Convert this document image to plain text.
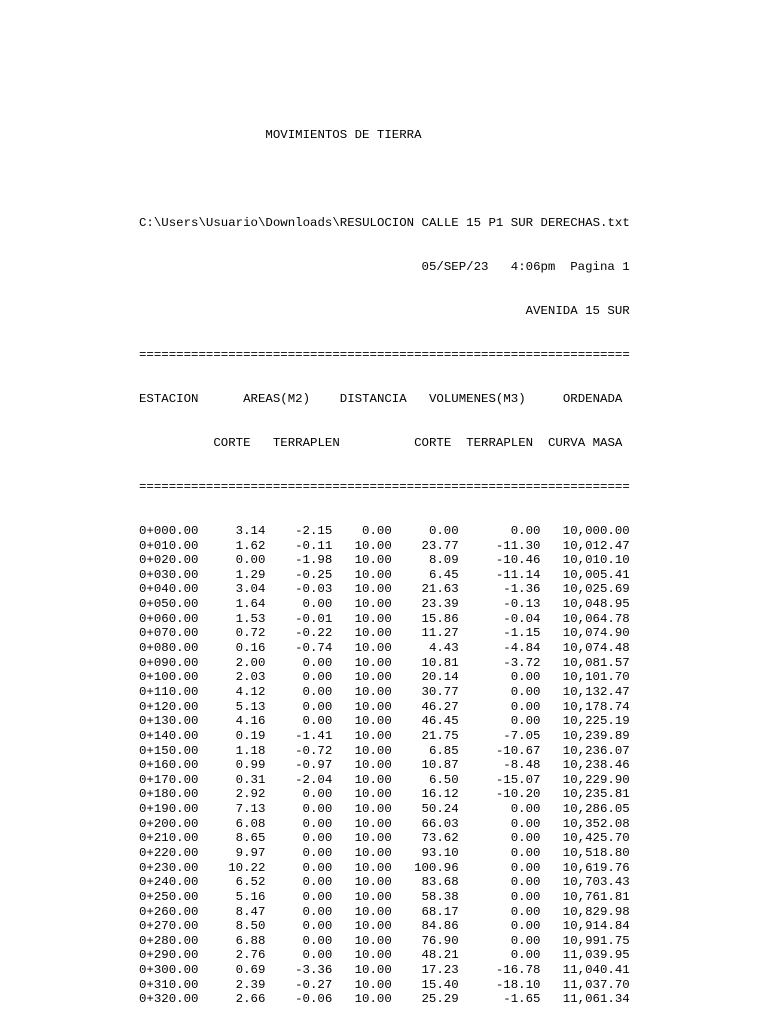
MOVIMIENTOS DE TIERRA

C:\Users\Usuario\Downloads\RESULOCION CALLE 15 P1 SUR DERECHAS.txt

05/SEP/23   4:06pm  Pagina 1

AVENIDA 15 SUR

==================================================================

ESTACION      AREAS(M2)    DISTANCIA   VOLUMENES(M3)     ORDENADA

CORTE   TERRAPLEN          CORTE  TERRAPLEN  CURVA MASA

==================================================================

0+000.00	3.14 -2.15 0.00	0.00	0.00 10,000.00
0+010.00	1.62 -0.11 10.00 23.77	-11.30 10,012.47
0+020.00	0.00 -1.98 10.00	8.09	-10.46 10,010.10
0+030.00	1.29 -0.25 10.00	6.45	-11.14 10,005.41
0+040.00	3.04 -0.03 10.00 21.63	-1.36 10,025.69
0+050.00	1.64	0.00 10.00 23.39	-0.13 10,048.95
0+060.00	1.53 -0.01 10.00 15.86	-0.04 10,064.78
0+070.00	0.72 -0.22 10.00 11.27	-1.15 10,074.90
0+080.00	0.16 -0.74 10.00	4.43	-4.84 10,074.48
0+090.00	2.00	0.00 10.00 10.81	-3.72 10,081.57
0+100.00	2.03	0.00 10.00 20.14	0.00 10,101.70
0+110.00	4.12	0.00 10.00 30.77	0.00 10,132.47
0+120.00	5.13	0.00 10.00 46.27	0.00 10,178.74
0+130.00	4.16	0.00 10.00 46.45	0.00 10,225.19
0+140.00	0.19 -1.41 10.00 21.75	-7.05 10,239.89
0+150.00	1.18 -0.72 10.00	6.85	-10.67 10,236.07
0+160.00	0.99 -0.97 10.00 10.87	-8.48 10,238.46
0+170.00	0.31 -2.04 10.00	6.50	-15.07 10,229.90
0+180.00	2.92	0.00 10.00 16.12	-10.20 10,235.81
0+190.00	7.13	0.00 10.00 50.24	0.00 10,286.05
0+200.00	6.08	0.00 10.00 66.03	0.00 10,352.08
0+210.00	8.65	0.00 10.00 73.62	0.00 10,425.70
0+220.00	9.97	0.00 10.00 93.10	0.00 10,518.80
0+230.00 10.22	0.00 10.00 100.96	0.00 10,619.76
0+240.00	6.52	0.00 10.00 83.68	0.00 10,703.43
0+250.00	5.16	0.00 10.00 58.38	0.00 10,761.81
0+260.00	8.47	0.00 10.00 68.17	0.00 10,829.98
0+270.00	8.50	0.00 10.00 84.86	0.00 10,914.84
0+280.00	6.88	0.00 10.00 76.90	0.00 10,991.75
0+290.00	2.76	0.00 10.00 48.21	0.00 11,039.95
0+300.00	0.69 -3.36 10.00 17.23	-16.78 11,040.41
0+310.00	2.39 -0.27 10.00 15.40	-18.10 11,037.70
0+320.00	2.66 -0.06 10.00 25.29	-1.65 11,061.34
